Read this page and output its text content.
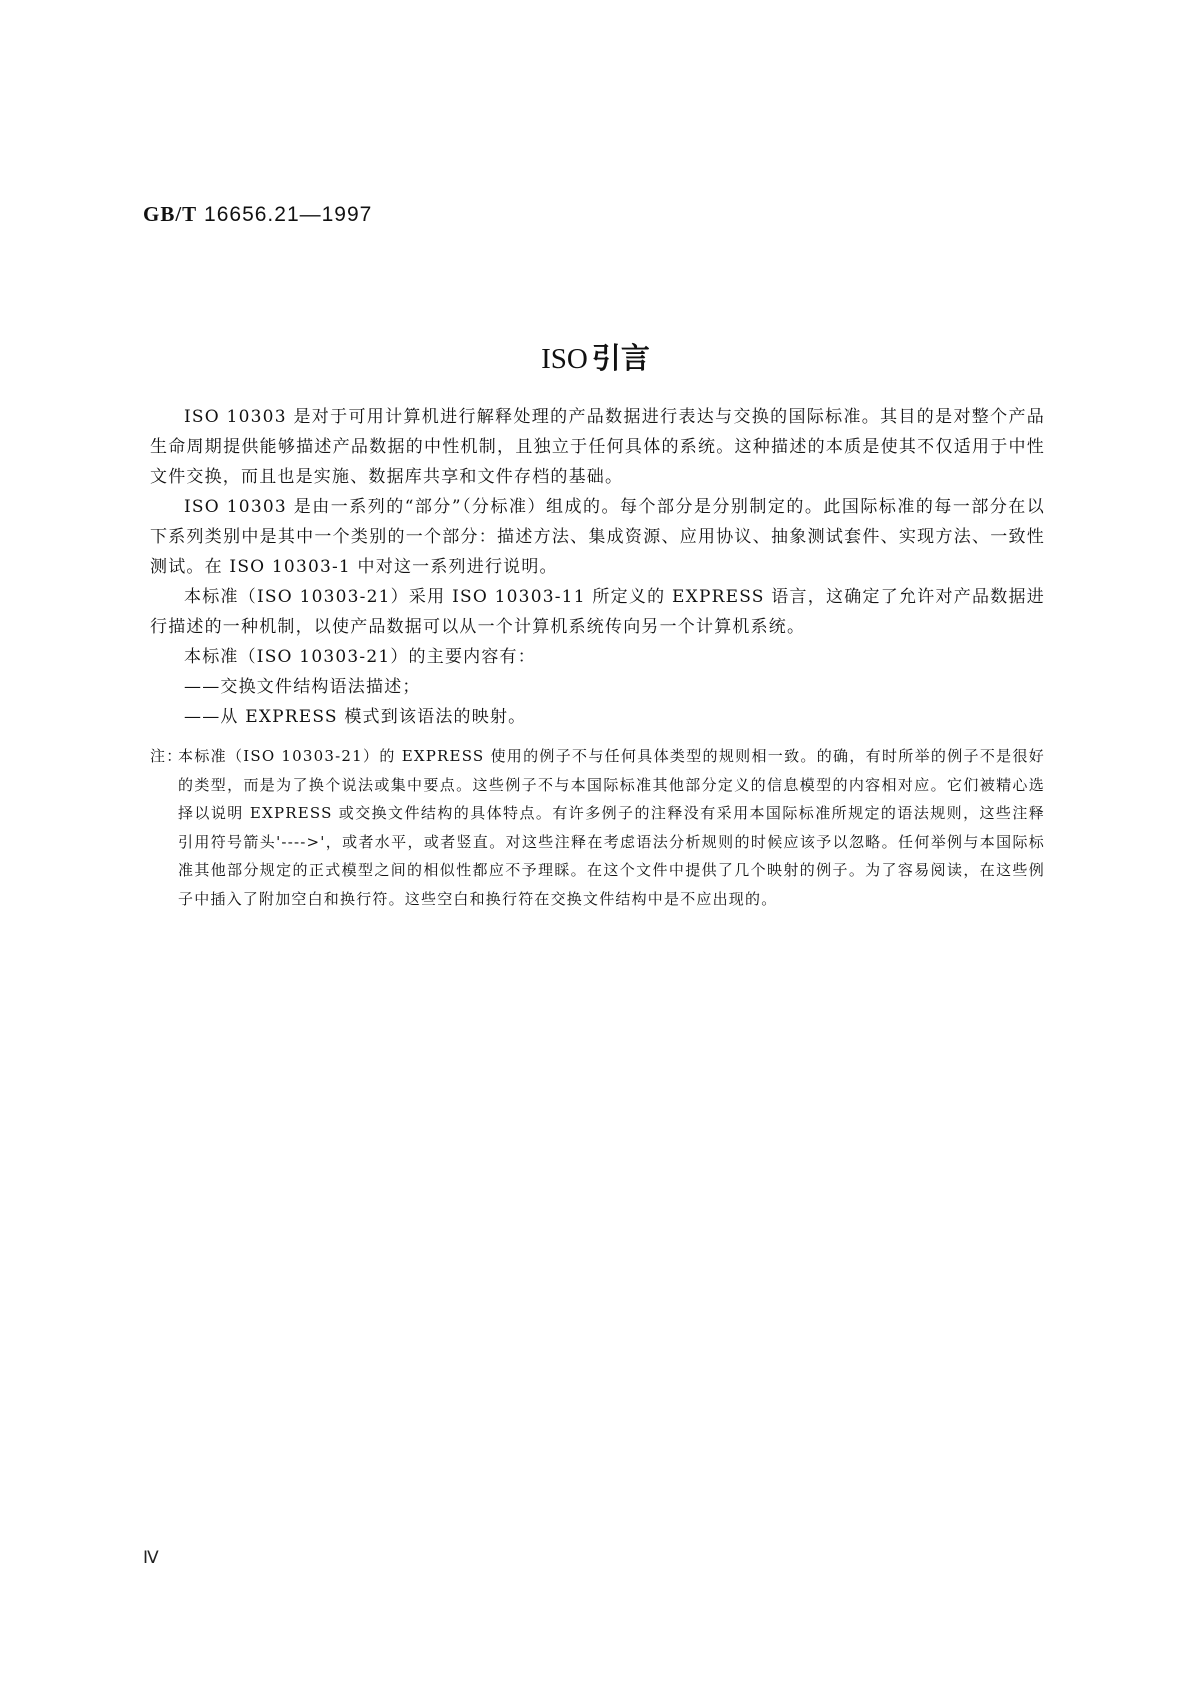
GB/T 16656.21—1997
ISO 引言

ISO 10303 是对于可用计算机进行解释处理的产品数据进行表达与交换的国际标准。其目的是对整个产品生命周期提供能够描述产品数据的中性机制，且独立于任何具体的系统。这种描述的本质是使其不仅适用于中性文件交换，而且也是实施、数据库共享和文件存档的基础。

ISO 10303 是由一系列的“部分”（分标准）组成的。每个部分是分别制定的。此国际标准的每一部分在以下系列类别中是其中一个类别的一个部分：描述方法、集成资源、应用协议、抽象测试套件、实现方法、一致性测试。在 ISO 10303-1 中对这一系列进行说明。

本标准（ISO 10303-21）采用 ISO 10303-11 所定义的 EXPRESS 语言，这确定了允许对产品数据进行描述的一种机制，以使产品数据可以从一个计算机系统传向另一个计算机系统。

本标准（ISO 10303-21）的主要内容有：

——交换文件结构语法描述；

——从 EXPRESS 模式到该语法的映射。

注：
本标准（ISO 10303-21）的 EXPRESS 使用的例子不与任何具体类型的规则相一致。的确，有时所举的例子不是很好的类型，而是为了换个说法或集中要点。这些例子不与本国际标准其他部分定义的信息模型的内容相对应。它们被精心选择以说明 EXPRESS 或交换文件结构的具体特点。有许多例子的注释没有采用本国际标准所规定的语法规则，这些注释引用符号箭头'---->'，或者水平，或者竖直。对这些注释在考虑语法分析规则的时候应该予以忽略。任何举例与本国际标准其他部分规定的正式模型之间的相似性都应不予理睬。在这个文件中提供了几个映射的例子。为了容易阅读，在这些例子中插入了附加空白和换行符。这些空白和换行符在交换文件结构中是不应出现的。
Ⅳ
